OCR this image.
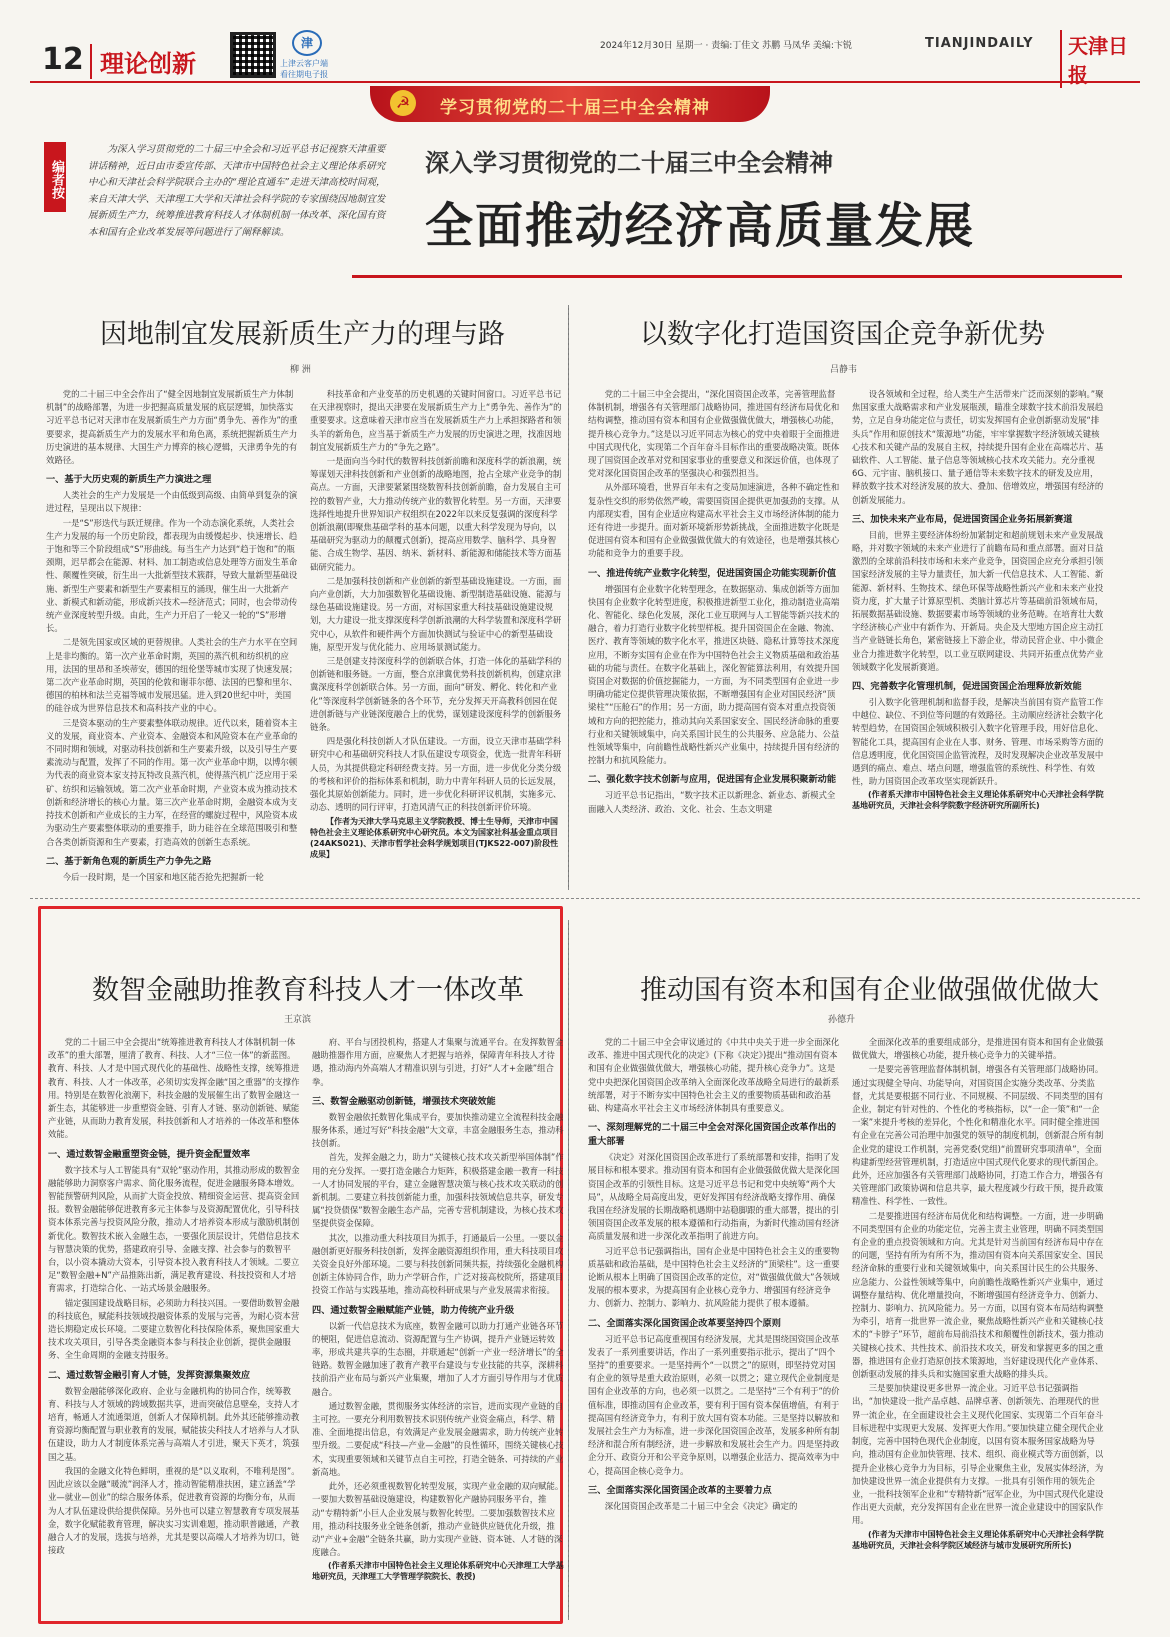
12 理论创新
津
上津云客户端
看往期电子报
2024年12月30日 星期一 · 责编:丁佳文 苏鹏 马凤华 美编:卞锐	TIANJINDAILY	天津日报
☭	学习贯彻党的二十届三中全会精神
编者按
为深入学习贯彻党的二十届三中全会和习近平总书记视察天津重要讲话精神，近日由市委宣传部、天津市中国特色社会主义理论体系研究中心和天津社会科学院联合主办的“理论直通车”走进天津高校时间观，来自天津大学、天津理工大学和天津社会科学院的专家围绕因地制宜发展新质生产力，统筹推进教育科技人才体制机制一体改革、深化国有资本和国有企业改革发展等问题进行了阐释解读。
深入学习贯彻党的二十届三中全会精神
全面推动经济高质量发展
因地制宜发展新质生产力的理与路
柳 洲

党的二十届三中全会作出了“健全因地制宜发展新质生产力体制机制”的战略部署，为进一步把握高质量发展的底层逻辑，加快落实习近平总书记对天津市在发展新质生产力方面“勇争先、善作为”的重要要求，提高新质生产力的发展水平和角色离，系统把握新质生产力历史演进的基本规律、大国生产力博弈的核心逻辑，天津勇争先的有效路径。

一、基于大历史观的新质生产力演进之理

人类社会的生产力发展是一个由低级到高级、由简单到复杂的演进过程，呈现出以下规律：

一是“S”形迭代与跃迁规律。作为一个动态演化系统，人类社会生产力发展的每一个历史阶段，都表现为由缓慢起步、快速增长、趋于饱和等三个阶段组成“S”形曲线。每当生产力达到“趋于饱和”的瓶颈期，迟早都会在能源、材料、加工制造或信息处理等方面发生革命性、颠覆性突破，衍生出一大批新型技术簇群，导致大量新型基础设施、新型生产要素和新型生产要素相互的涌现，催生出一大批新产业、新模式和新动能，形成新兴技术—经济范式；同时，也会带动传统产业深度转型升级。由此，生产力开启了一轮又一轮的“S”形增长。

二是领先国家或区域的更替规律。人类社会的生产力水平在空间上是非均衡的。第一次产业革命时期，英国的蒸汽机和纺织机的应用，法国的里昂和圣埃蒂安，德国的纽伦堡等城市实现了快速发展；第二次产业革命时期，英国的伦敦和谢菲尔德、法国的巴黎和里尔、德国的柏林和法兰克福等城市发展迅猛。进入到20世纪中叶，美国的硅谷成为世界信息技术和高科技产业的中心。

三是资本驱动的生产要素整体联动规律。近代以来，随着资本主义的发展，商业资本、产业资本、金融资本和风险资本在产业革命的不同时期和领域，对驱动科技创新和生产要素升级，以及引导生产要素流动与配置，发挥了不同的作用。第一次产业革命中期，以博尔顿为代表的商业资本家支持瓦特改良蒸汽机，使得蒸汽机广泛应用于采矿、纺织和运输领域。第二次产业革命时期，产业资本成为推动技术创新和经济增长的核心力量。第三次产业革命时期，金融资本成为支持技术创新和产业成长的主力军，在经营的螺旋过程中，风险资本成为驱动生产要素整体联动的重要推手，助力硅谷在全球范围吸引和整合各类创新资源和生产要素，打造高效的创新生态系统。

二、基于新角色观的新质生产力争先之路

今后一段时期，是一个国家和地区能否抢先把握新一轮

科技革命和产业变革的历史机遇的关键时间窗口。习近平总书记在天津视察时，提出天津要在发展新质生产力上“勇争先、善作为”的重要要求。这意味着天津市应当在发展新质生产力上承担探路者和领头羊的新角色，应当基于新质生产力发展的历史演进之理，找准因地制宜发展新质生产力的“争先之路”。

一是面向当今时代的数智科技创新前瞻和深度科学的新浪潮，统筹谋划天津科技创新和产业创新的战略地图，抢占全球产业竞争的制高点。一方面，天津要紧紧围绕数智科技创新前瞻，奋力发展自主可控的数智产业，大力推动传统产业的数智化转型。另一方面，天津要选择性地提升世界知识产权组织在2022年以来反复强调的深度科学创新浪潮(即聚焦基础学科的基本问题，以重大科学发现为导向，以基础研究为驱动力的颠覆式创新)，提高应用数学、脑科学、具身智能、合成生物学、基因、纳米、新材料、新能源和储能技术等方面基础研究能力。

二是加强科技创新和产业创新的新型基础设施建设。一方面，面向产业创新，大力加强数智化基础设施、新型制造基础设施、能源与绿色基础设施建设。另一方面，对标国家重大科技基础设施建设规划，大力建设一批支撑深度科学创新浪潮的大科学装置和深度科学研究中心，从软件和硬件两个方面加快测试与验证中心的新型基础设施，原型开发与优化能力、应用场景测试能力。

三是创建支持深度科学的创新联合体，打造一体化的基础学科的创新链和服务链。一方面，整合京津冀优势科技创新机构，创建京津冀深度科学创新联合体。另一方面，面向“研发、孵化、转化和产业化”等深度科学创新链条的各个环节，充分发挥天开高教科创园在促进创新链与产业链深度融合上的优势，谋划建设深度科学的创新服务链条。

四是强化科技创新人才队伍建设。一方面，设立天津市基础学科研究中心和基础研究科技人才队伍建设专项资金，优选一批青年科研人员，为其提供稳定科研经费支持。另一方面，进一步优化分类分级的考核和评价的指标体系和机制，助力中青年科研人员的长远发展，强化其原始创新能力。同时，进一步优化科研评议机制，实施多元、动态、透明的同行评审，打造风清气正的科技创新评价环境。

【作者为天津大学马克思主义学院教授、博士生导师，天津市中国特色社会主义理论体系研究中心研究员。本文为国家社科基金重点项目(24AKS021)、天津市哲学社会科学规划项目(TJKS22-007)阶段性成果】

以数字化打造国资国企竞争新优势
吕静韦

党的二十届三中全会提出，“深化国资国企改革，完善管理监督体制机制，增强各有关管理部门战略协同，推进国有经济布局优化和结构调整，推动国有资本和国有企业做强做优做大，增强核心功能，提升核心竞争力。”这是以习近平同志为核心的党中央着眼于全面推进中国式现代化，实现第二个百年奋斗目标作出的重要战略决策。既体现了国资国企改革对党和国家事业的重要意义和深远价值，也体现了党对深化国资国企改革的坚强决心和强烈担当。

从外部环境看，世界百年未有之变局加速演进，各种不确定性和复杂性交织的形势依然严峻，需要国资国企提供更加强劲的支撑。从内部现实看，国有企业适应构建高水平社会主义市场经济体制的能力还有待进一步提升。面对新环境新形势新挑战，全面推进数字化既是促进国有资本和国有企业做强做优做大的有效途径，也是增强其核心功能和竞争力的重要手段。

一、推进传统产业数字化转型，促进国资国企功能实现新价值

增强国有企业数字化转型理念，在数据驱动、集成创新等方面加快国有企业数字化转型进度，积极推进新型工业化，推动制造业高端化、智能化、绿色化发展，深化工业互联网与人工智能等新兴技术的融合，着力打造行业数字化转型样板。提升国资国企在金融、物流、医疗、教育等领域的数字化水平，推进区块链、隐私计算等技术深度应用，不断夯实国有企业在作为中国特色社会主义物质基础和政治基础的功能与责任。在数字化基础上，深化智能算法利用，有效提升国资国企对数据的价值挖掘能力，一方面，为不同类型国有企业进一步明确功能定位提供管理决策依据，不断增强国有企业对国民经济“顶梁柱”“压舱石”的作用；另一方面，助力提高国有资本对重点投资领域和方向的把控能力，推动其向关系国家安全、国民经济命脉的重要行业和关键领域集中，向关系国计民生的公共服务、应急能力、公益性领域等集中，向前瞻性战略性新兴产业集中，持续提升国有经济的控制力和抗风险能力。

二、强化数字技术创新与应用，促进国有企业发展积聚新动能

习近平总书记指出，“数字技术正以新理念、新业态、新模式全面融入人类经济、政治、文化、社会、生态文明建

设各领域和全过程，给人类生产生活带来广泛而深刻的影响。”聚焦国家重大战略需求和产业发展瓶颈，瞄准全球数字技术前沿发展趋势，立足自身功能定位与责任，切实发挥国有企业创新驱动发展“排头兵”作用和原创技术“策源地”功能，牢牢掌握数字经济领域关键核心技术和关键产品的发展自主权，持续提升国有企业在高端芯片、基础软件、人工智能、量子信息等领域核心技术攻关能力。充分重视6G、元宇宙、脑机接口、量子通信等未来数字技术的研发及应用，释放数字技术对经济发展的放大、叠加、倍增效应，增强国有经济的创新发展能力。

三、加快未来产业布局，促进国资国企业务拓展新赛道

目前，世界主要经济体纷纷加紧制定和超前规划未来产业发展战略，并对数字领域的未来产业进行了前瞻布局和重点部署。面对日益激烈的全球前沿科技市场和未来产业竞争，国资国企应充分承担引领国家经济发展的主导力量责任，加大新一代信息技术、人工智能、新能源、新材料、生物技术、绿色环保等战略性新兴产业和未来产业投资力度，扩大量子计算原型机、类脑计算芯片等基础前沿领域布局，拓展数据基础设施、数据要素市场等领域的业务范畴。在培育壮大数字经济核心产业中有新作为、开新局。央企及大型地方国企应主动扛当产业链链长角色，紧密链接上下游企业，带动民营企业、中小微企业合力推进数字化转型，以工业互联网建设、共同开拓重点优势产业领域数字化发展新赛道。

四、完善数字化管理机制，促进国资国企治理释放新效能

引入数字化管理机制和监督手段，是解决当前国有资产监管工作中越位、缺位、不到位等问题的有效路径。主动顺应经济社会数字化转型趋势，在国资国企领域积极引入数字化管理手段，用好信息化、智能化工具，提高国有企业在人事、财务、管理、市场采购等方面的信息透明度，优化国资国企监管流程，及时发现解决企业改革发展中遇到的痛点、难点、堵点问题，增强监管的系统性、科学性、有效性，助力国资国企改革攻坚实现新跃升。

(作者系天津市中国特色社会主义理论体系研究中心天津社会科学院基地研究员，天津社会科学院数字经济研究所副所长)

数智金融助推教育科技人才一体改革
王京滨

党的二十届三中全会提出“统筹推进教育科技人才体制机制一体改革”的重大部署，厘清了教育、科技、人才“三位一体”的新蓝图。教育、科技、人才是中国式现代化的基础性、战略性支撑，统筹推进教育、科技、人才一体改革，必须切实发挥金融“国之重器”的支撑作用。特别是在数智化浪潮下，科技金融的发展催生出了数智金融这一新生态，其能够进一步重塑资金链、引育人才链、驱动创新链、赋能产业链，从而助力教育发展，科技创新和人才培养的一体改革和整体效能。

一、通过数智金融重塑资金链，提升资金配置效率

数字技术与人工智能具有“双轮”驱动作用，其推动形成的数智金融能够助力洞察客户需求、简化服务流程，促进金融服务降本增效。智能预警研判风险，从而扩大资金投放、精细资金运营、提高资金回报。数智金融能够促进教育多元主体参与及资源配置优化，引导科技资本体系完善与投资风险分散，推动人才培养资本形成与激励机制创新优化。数智技术嵌入金融生态，一要强化顶层设计，凭借信息技术与智慧决策的优势，搭建政府引导、金融支撑、社会参与的数智平台，以小资本撬动大资本，引导资本投入教育科技人才领域。二要立足“数智金融+N”产品推陈出新，满足教育建设、科技投资和人才培育需求，打造综合化、一站式场景金融服务。

锚定强国建设战略目标，必须助力科技兴国。一要借助数智金融的科技底色，赋能科技领域投融资体系的发展与完善，为耐心资本营造长期稳定成长环境。二要建立数智化科技保险体系，聚焦国家重大技术攻关项目，引导各类金融资本参与科技企业创新，提供金融服务、全生命周期的金融支持服务。

二、通过数智金融引育人才链，发挥资源集聚效应

数智金融能够深化政府、企业与金融机构的协同合作，统筹教育、科技与人才领域的跨域数据共享，进而突破信息壁垒，支持人才培育，畅通人才流通渠道，创新人才保障机制。此外其还能够推动教育资源均衡配置与职业教育的发展，赋能拔尖科技人才培养与人才队伍建设，助力人才制度体系完善与高端人才引进，聚天下英才，筑强国之基。

我国的金融文化特色鲜明，重视的是“以义取利，不唯利是图”。因此应该以金融“暖流”润泽人才，推动智能精准扶困，建立涵盖“学业—就业—创业”的综合服务体系，促进教育资源的均衡分布，从而为人才队伍建设供给提供保障。另外也可以建立智慧教育专项发展基金，数字化赋能教育管理，解决实习实训难题，推动职普融通，产教融合人才的发展，选拔与培养，尤其是要以高端人才培养为切口，链接政

府、平台与团投机构，搭建人才集聚与流通平台。在发挥数智金融助推器作用方面，应聚焦人才把握与培养，保障青年科技人才待遇，推动海内外高端人才精准识别与引进，打好“人才+金融”组合拳。

三、数智金融驱动创新链，增强技术突破效能

数智金融依托数智化集成平台，要加快推动建立全流程科技金融服务体系，通过写好“科技金融”大文章，丰富金融服务生态，推动科技创新。

首先，发挥金融之力，助力“关键核心技术攻关新型举国体制”作用的充分发挥。一要打造金融合力矩阵，积极搭建金融一教育一科技一人才协同发展的平台，建立金融智慧决策与核心技术攻关联动的创新机制。二要建立科技创新能力重，加强科技领域信息共享，研发专属“投贷债保”数智金融生态产品，完善专营机制建设，为核心技术攻坚提供资金保障。

其次，以推动重大科技项目为抓手，打通最后一公里。一要以金融创新更好服务科技创新，发挥金融资源组织作用，重大科技项目攻关资金良好外部环境。二要与科技创新同频共振，持续强化金融机构创新主体协同合作，助力产学研合作，广泛对接高校院所，搭建项目投资工作站与实践基地，推动高校科研成果与产业发展需求衔接。

四、通过数智金融赋能产业链，助力传统产业升级

以新一代信息技术为底座，数智金融可以助力打通产业链各环节的梗阻，促进信息流动、资源配置与生产协调，提升产业链运转效率，形成共建共享的生态圈，并联通起“创新一产业一经济增长”的全链路。数智金融加速了教育产教平台建设与专业技能的共享，深耕科技前沿产业布局与新兴产业集聚，增加了人才方面引导作用与才优质融合。

通过数智金融，贯彻服务实体经济的宗旨，进而实现产业链的自主可控。一要充分利用数智技术识别传统产业资金痛点，科学、精准、全面地提出信息，有效满足产业发展金融需求，助力传统产业转型升级。二要促成“科技—产业—金融”的良性循环，围绕关键核心技术，实现重要领域和关键节点自主可控，打造全链条、可持续的产业新高地。

此外，还必须重视数智化转型发展，实现产业金融的双向赋能。一要加大数智基础设施建设，构建数智化产融协同服务平台，推动“专精特新”小巨人企业发展与数智化转型。二要加强数智技术应用，推动科技服务业全链条创新，推动产业链供应链优化升级，推动“产业+金融”全链条共赢，助力实现产业链、资本链、人才链的深度融合。

(作者系天津市中国特色社会主义理论体系研究中心天津理工大学基地研究员，天津理工大学管理学院院长、教授)

推动国有资本和国有企业做强做优做大
孙德升

党的二十届三中全会审议通过的《中共中央关于进一步全面深化改革、推进中国式现代化的决定》(下称《决定》)提出“推动国有资本和国有企业做强做优做大，增强核心功能，提升核心竞争力”。这是党中央把深化国资国企改革纳入全面深化改革战略全局进行的最新系统部署，对于不断夯实中国特色社会主义的重要物质基础和政治基础、构建高水平社会主义市场经济体制具有重要意义。

一、深刻理解党的二十届三中全会对深化国资国企改革作出的重大部署

《决定》对深化国资国企改革进行了系统部署和安排，指明了发展目标和根本要求。推动国有资本和国有企业做强做优做大是深化国资国企改革的引领性目标。这是习近平总书记和党中央统筹“两个大局”，从战略全局高度出发，更好发挥国有经济战略支撑作用、确保我国在经济发展的长期战略机遇期中站稳脚跟的重大部署，提出的引领国资国企改革发展的根本遵循和行动指南，为新时代推动国有经济高质量发展和进一步深化改革指明了前进方向。

习近平总书记强调指出，国有企业是中国特色社会主义的重要物质基础和政治基础，是中国特色社会主义经济的“顶梁柱”。这一重要论断从根本上明确了国资国企改革的定位，对“做强做优做大”各领域发展的根本要求，为提高国有企业核心竞争力、增强国有经济竞争力、创新力、控制力、影响力、抗风险能力提供了根本遵循。

二、全面落实深化国资国企改革要坚持四个原则

习近平总书记高度重视国有经济发展，尤其是围绕国资国企改革发表了一系列重要讲话，作出了一系列重要指示批示，提出了“四个坚持”的重要要求。一是坚持两个“一以贯之”的原则，即坚持党对国有企业的领导是重大政治原则，必须一以贯之；建立现代企业制度是国有企业改革的方向，也必须一以贯之。二是坚持“三个有利于”的价值标准，即推动国有企业改革，要有利于国有资本保值增值，有利于提高国有经济竞争力，有利于放大国有资本功能。三是坚持以解放和发展社会生产力为标准，进一步深化国资国企改革，发展多种所有制经济和混合所有制经济，进一步解放和发展社会生产力。四是坚持政企分开、政资分开和公平竞争原则，以增强企业活力、提高效率为中心，提高国企核心竞争力。

三、全面落实深化国资国企改革的主要着力点

深化国资国企改革是二十届三中全会《决定》确定的

全面深化改革的重要组成部分，是推进国有资本和国有企业做强做优做大，增强核心功能，提升核心竞争力的关键举措。

一是要完善管理监督体制机制，增强各有关管理部门战略协同。通过实现健全导向、功能导向，对国资国企实施分类改革、分类监督，尤其是要根据不同行业、不同规模、不同层级、不同类型的国有企业，制定有针对性的、个性化的考核指标，以“一企一策”和“一企一案”来提升考核的差异化，个性化和精准化水平。同时健全推进国有企业在完善公司治理中加强党的领导的制度机制，创新混合所有制企业党的建设工作机制，完善党委(党组)“前置研究事项清单”，全面构建新型经营管理机制，打造适应中国式现代化要求的现代新国企。此外，还应加强各有关管理部门战略协同，打造工作合力，增强各有关管理部门政策协调和信息共享，最大程度减少行政干预，提升政策精准性、科学性、一致性。

二是要推进国有经济布局优化和结构调整。一方面，进一步明确不同类型国有企业的功能定位，完善主责主业管理，明确不同类型国有企业的重点投资领域和方向。尤其是针对当前国有经济布局中存在的问题，坚持有所为有所不为，推动国有资本向关系国家安全、国民经济命脉的重要行业和关键领域集中，向关系国计民生的公共服务、应急能力、公益性领域等集中，向前瞻性战略性新兴产业集中，通过调整存量结构、优化增量投向，不断增强国有经济竞争力、创新力、控制力、影响力、抗风险能力。另一方面，以国有资本布局结构调整为牵引，培育一批世界一流企业，聚焦战略性新兴产业和关键核心技术的“卡脖子”环节，超前布局前沿技术和颠覆性创新技术，强力推动关键核心技术、共性技术、前沿技术攻关，研发和掌握更多的国之重器，推进国有企业打造原创技术策源地，当好建设现代化产业体系、创新驱动发展的排头兵和实施国家重大战略的排头兵。

三是要加快建设更多世界一流企业。习近平总书记强调指出，“加快建设一批产品卓越、品牌卓著、创新领先、治理现代的世界一流企业，在全面建设社会主义现代化国家、实现第二个百年奋斗目标进程中实现更大发展、发挥更大作用。”要加快建立健全现代企业制度，完善中国特色现代企业制度，以国有资本服务国家战略为导向，推动国有企业加快管理、技术、组织、商业模式等方面创新，以提升企业核心竞争力为目标，引导企业聚焦主业，发展实体经济，为加快建设世界一流企业提供有力支撑。一批具有引领作用的领先企业，一批科技领军企业和“专精特新”冠军企业，为中国式现代化建设作出更大贡献，充分发挥国有企业在世界一流企业建设中的国家队作用。

(作者为天津市中国特色社会主义理论体系研究中心天津社会科学院基地研究员，天津社会科学院区域经济与城市发展研究所所长)
